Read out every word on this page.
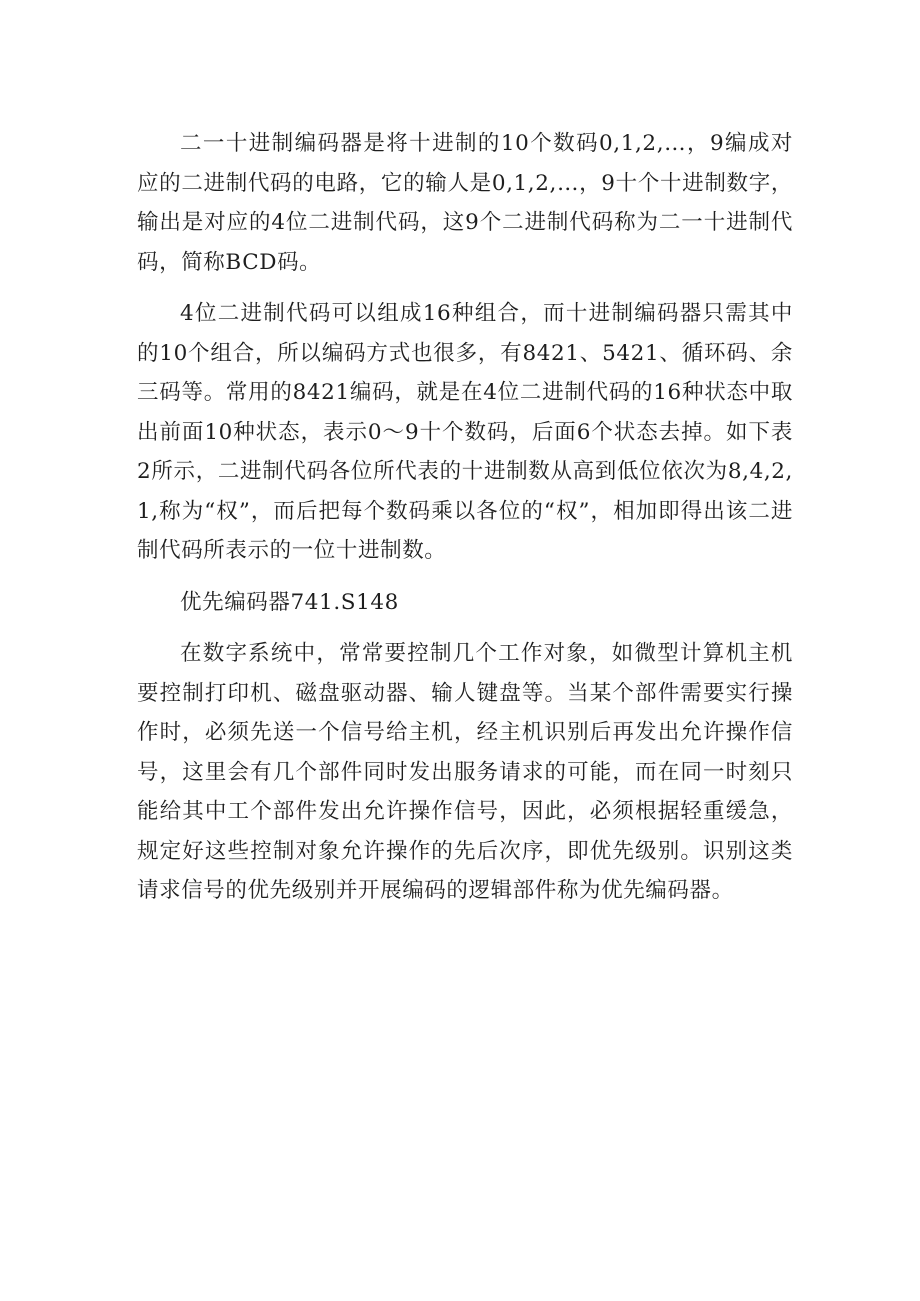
二一十进制编码器是将十进制的10个数码0,1,2,…，9编成对应的二进制代码的电路，它的输人是0,1,2,…，9十个十进制数字，输出是对应的4位二进制代码，这9个二进制代码称为二一十进制代码，简称BCD码。

4位二进制代码可以组成16种组合，而十进制编码器只需其中的10个组合，所以编码方式也很多，有8421、5421、循环码、余三码等。常用的8421编码，就是在4位二进制代码的16种状态中取出前面10种状态，表示0～9十个数码，后面6个状态去掉。如下表2所示，二进制代码各位所代表的十进制数从高到低位依次为8,4,2,1,称为“权”，而后把每个数码乘以各位的“权”，相加即得出该二进制代码所表示的一位十进制数。

优先编码器741.S148

在数字系统中，常常要控制几个工作对象，如微型计算机主机要控制打印机、磁盘驱动器、输人键盘等。当某个部件需要实行操作时，必须先送一个信号给主机，经主机识别后再发出允许操作信号，这里会有几个部件同时发出服务请求的可能，而在同一时刻只能给其中工个部件发出允许操作信号，因此，必须根据轻重缓急，规定好这些控制对象允许操作的先后次序，即优先级别。识别这类请求信号的优先级别并开展编码的逻辑部件称为优先编码器。
